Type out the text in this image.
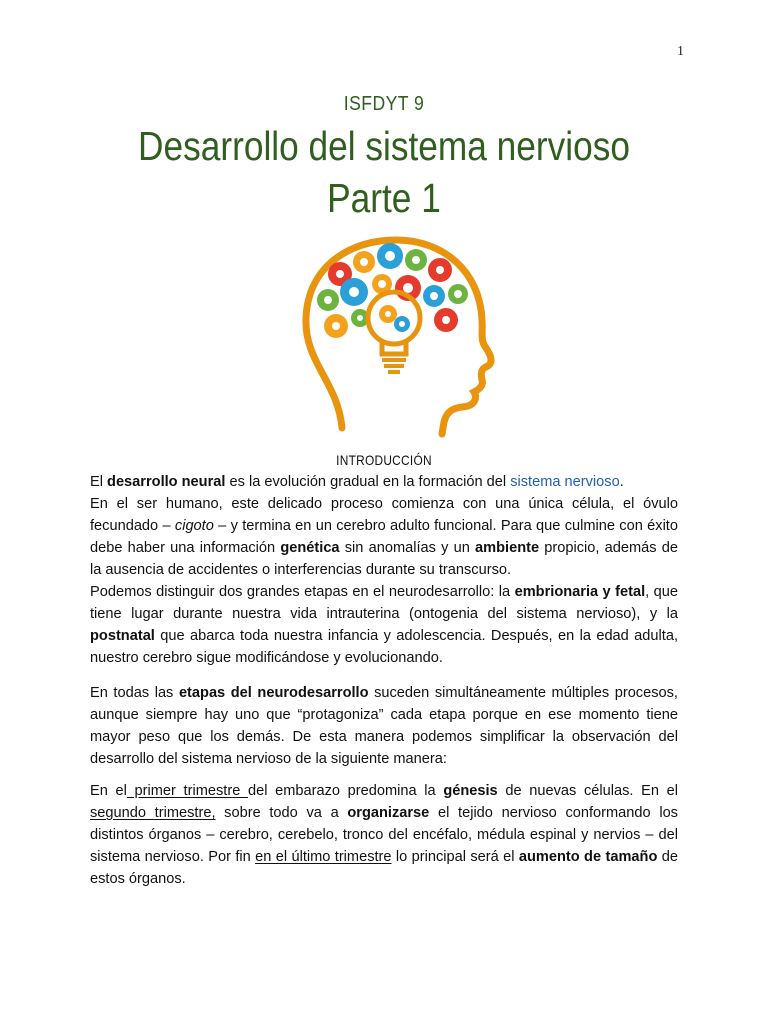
1
ISFDYT 9
Desarrollo del sistema nervioso
Parte 1
INTRODUCCIÓN

El desarrollo neural es la evolución gradual en la formación del sistema nervioso.

En el ser humano, este delicado proceso comienza con una única célula, el óvulo fecundado – cigoto – y termina en un cerebro adulto funcional. Para que culmine con éxito debe haber una información genética sin anomalías y un ambiente propicio, además de la ausencia de accidentes o interferencias durante su transcurso.

Podemos distinguir dos grandes etapas en el neurodesarrollo: la embrionaria y fetal, que tiene lugar durante nuestra vida intrauterina (ontogenia del sistema nervioso), y la postnatal que abarca toda nuestra infancia y adolescencia. Después, en la edad adulta, nuestro cerebro sigue modificándose y evolucionando.

En todas las etapas del neurodesarrollo suceden simultáneamente múltiples procesos, aunque siempre hay uno que “protagoniza” cada etapa porque en ese momento tiene mayor peso que los demás. De esta manera podemos simplificar la observación del desarrollo del sistema nervioso de la siguiente manera:

En el primer trimestre del embarazo predomina la génesis de nuevas células. En el segundo trimestre, sobre todo va a organizarse el tejido nervioso conformando los distintos órganos – cerebro, cerebelo, tronco del encéfalo, médula espinal y nervios – del sistema nervioso. Por fin en el último trimestre lo principal será el aumento de tamaño de estos órganos.
